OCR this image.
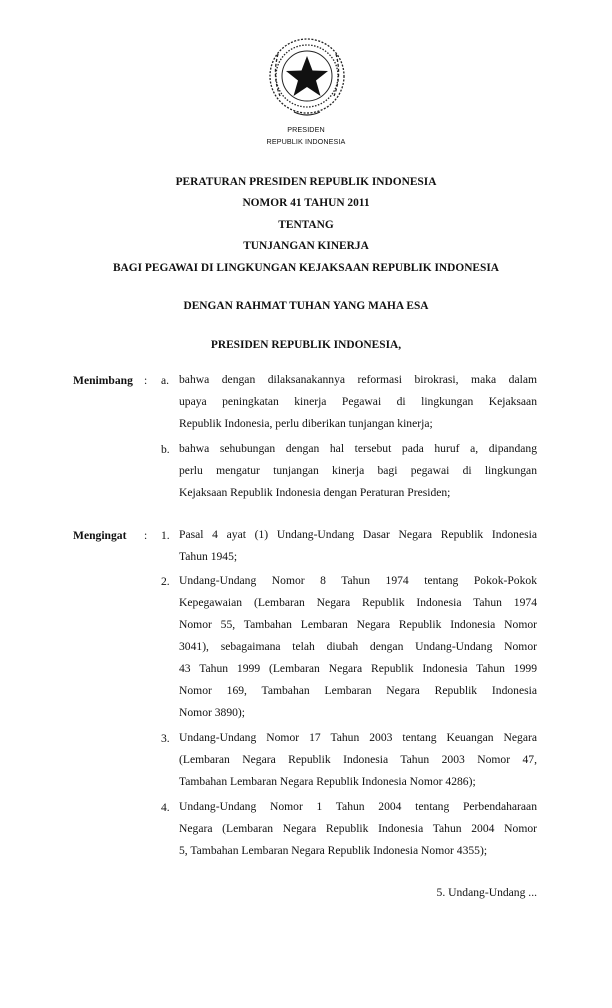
PRESIDEN
REPUBLIK INDONESIA
PERATURAN PRESIDEN REPUBLIK INDONESIA
NOMOR 41 TAHUN 2011
TENTANG
TUNJANGAN KINERJA
BAGI PEGAWAI DI LINGKUNGAN KEJAKSAAN REPUBLIK INDONESIA
DENGAN RAHMAT TUHAN YANG MAHA ESA
PRESIDEN REPUBLIK INDONESIA,
Menimbang : a. bahwa dengan dilaksanakannya reformasi birokrasi, maka dalam
upaya peningkatan kinerja Pegawai di lingkungan Kejaksaan
Republik Indonesia, perlu diberikan tunjangan kinerja;
b. bahwa sehubungan dengan hal tersebut pada huruf a, dipandang
perlu mengatur tunjangan kinerja bagi pegawai di lingkungan
Kejaksaan Republik Indonesia dengan Peraturan Presiden;
Mengingat : 1. Pasal 4 ayat (1) Undang-Undang Dasar Negara Republik Indonesia
Tahun 1945;
2. Undang-Undang Nomor 8 Tahun 1974 tentang Pokok-Pokok
Kepegawaian (Lembaran Negara Republik Indonesia Tahun 1974
Nomor 55, Tambahan Lembaran Negara Republik Indonesia Nomor
3041), sebagaimana telah diubah dengan Undang-Undang Nomor
43 Tahun 1999 (Lembaran Negara Republik Indonesia Tahun 1999
Nomor 169, Tambahan Lembaran Negara Republik Indonesia
Nomor 3890);
3. Undang-Undang Nomor 17 Tahun 2003 tentang Keuangan Negara
(Lembaran Negara Republik Indonesia Tahun 2003 Nomor 47,
Tambahan Lembaran Negara Republik Indonesia Nomor 4286);
4. Undang-Undang Nomor 1 Tahun 2004 tentang Perbendaharaan
Negara (Lembaran Negara Republik Indonesia Tahun 2004 Nomor
5, Tambahan Lembaran Negara Republik Indonesia Nomor 4355);
5. Undang-Undang ...
